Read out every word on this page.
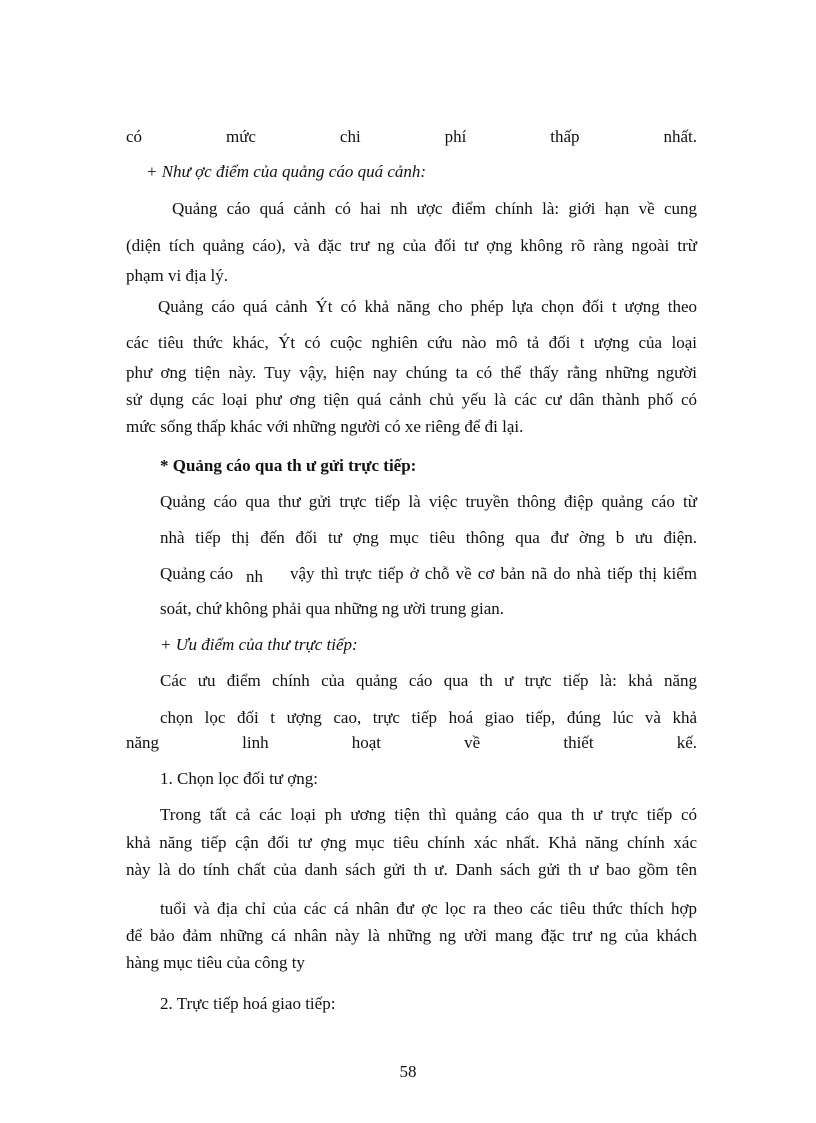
có mức chi phí thấp nhất.
+ Như ợc điểm của quảng cáo quá cảnh:
Quảng cáo quá cảnh có hai nh ược điểm chính là: giới hạn về cung
(diện tích quảng cáo), và đặc trư ng của đối tư ợng không rõ ràng ngoài trừ
phạm vi địa lý.
Quảng cáo quá cảnh Ýt có khả năng cho phép lựa chọn đối t ượng theo
các tiêu thức khác, Ýt có cuộc nghiên cứu nào mô tả đối t ượng của loại
phư ơng tiện này. Tuy vậy, hiện nay chúng ta có thể thấy rằng những người
sử dụng các loại phư ơng tiện quá cảnh chủ yếu là các cư dân thành phố có
mức sống thấp khác với những người có xe riêng để đi lại.
* Quảng cáo qua th ư gửi trực tiếp:
Quảng cáo qua thư gửi trực tiếp là việc truyền thông điệp quảng cáo từ
nhà tiếp thị đến đối tư ợng mục tiêu thông qua đư ờng b ưu điện.
Quảng cáo nh vậy thì trực tiếp ở chỗ về cơ bản nã do nhà tiếp thị kiểm
soát, chứ không phải qua những ng ười trung gian.
+ Ưu điểm của thư trực tiếp:
Các ưu điểm chính của quảng cáo qua th ư trực tiếp là: khả năng
chọn lọc đối t ượng cao, trực tiếp hoá giao tiếp, đúng lúc và khả
năng linh hoạt về thiết kế.
1. Chọn lọc đối tư ợng:
Trong tất cả các loại ph ương tiện thì quảng cáo qua th ư trực tiếp có
khả năng tiếp cận đối tư ợng mục tiêu chính xác nhất. Khả năng chính xác
này là do tính chất của danh sách gửi th ư. Danh sách gửi th ư bao gồm tên
tuổi và địa chỉ của các cá nhân đư ợc lọc ra theo các tiêu thức thích hợp
để bảo đảm những cá nhân này là những ng ười mang đặc trư ng của khách
hàng mục tiêu của công ty
2. Trực tiếp hoá giao tiếp:
58
